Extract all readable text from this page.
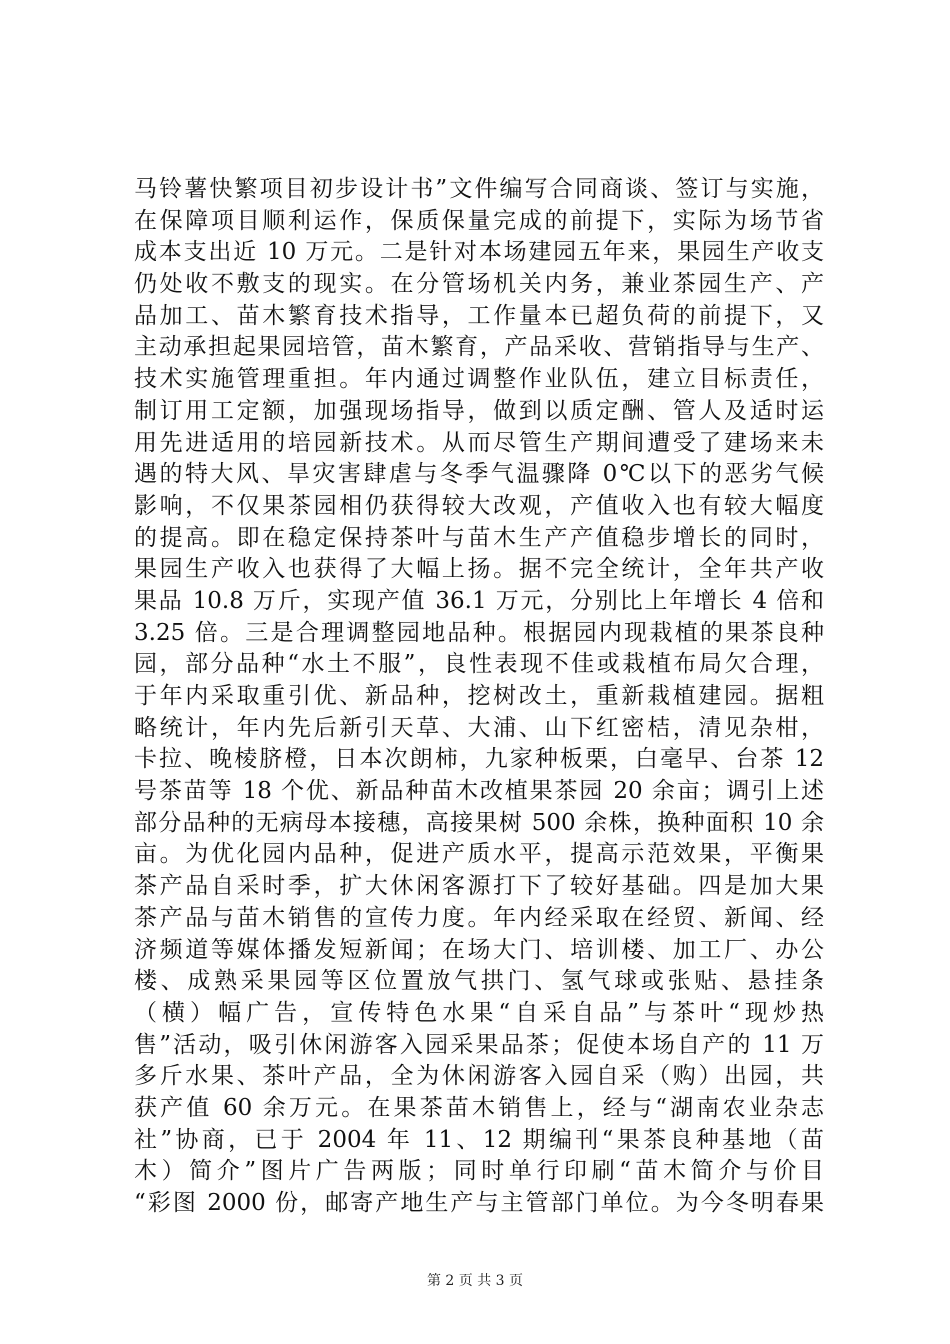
马铃薯快繁项目初步设计书”文件编写合同商谈、签订与实施，
在保障项目顺利运作，保质保量完成的前提下，实际为场节省
成本支出近 10 万元。二是针对本场建园五年来，果园生产收支
仍处收不敷支的现实。在分管场机关内务，兼业茶园生产、产
品加工、苗木繁育技术指导，工作量本已超负荷的前提下，又
主动承担起果园培管，苗木繁育，产品采收、营销指导与生产、
技术实施管理重担。年内通过调整作业队伍，建立目标责任，
制订用工定额，加强现场指导，做到以质定酬、管人及适时运
用先进适用的培园新技术。从而尽管生产期间遭受了建场来未
遇的特大风、旱灾害肆虐与冬季气温骤降 0℃以下的恶劣气候
影响，不仅果茶园相仍获得较大改观，产值收入也有较大幅度
的提高。即在稳定保持茶叶与苗木生产产值稳步增长的同时，
果园生产收入也获得了大幅上扬。据不完全统计，全年共产收
果品 10.8 万斤，实现产值 36.1 万元，分别比上年增长 4 倍和
3.25 倍。三是合理调整园地品种。根据园内现栽植的果茶良种
园，部分品种“水土不服”，良性表现不佳或栽植布局欠合理，
于年内采取重引优、新品种，挖树改土，重新栽植建园。据粗
略统计，年内先后新引天草、大浦、山下红密桔，清见杂柑，
卡拉、晚棱脐橙，日本次朗柿，九家种板栗，白毫早、台茶 12
号茶苗等 18 个优、新品种苗木改植果茶园 20 余亩；调引上述
部分品种的无病母本接穗，高接果树 500 余株，换种面积 10 余
亩。为优化园内品种，促进产质水平，提高示范效果，平衡果
茶产品自采时季，扩大休闲客源打下了较好基础。四是加大果
茶产品与苗木销售的宣传力度。年内经采取在经贸、新闻、经
济频道等媒体播发短新闻；在场大门、培训楼、加工厂、办公
楼、成熟采果园等区位置放气拱门、氢气球或张贴、悬挂条
（横）幅广告，宣传特色水果“自采自品”与茶叶“现炒热
售”活动，吸引休闲游客入园采果品茶；促使本场自产的 11 万
多斤水果、茶叶产品，全为休闲游客入园自采（购）出园，共
获产值 60 余万元。在果茶苗木销售上，经与“湖南农业杂志
社”协商，已于 2004 年 11、12 期编刊“果茶良种基地（苗
木）简介”图片广告两版；同时单行印刷“苗木简介与价目
“彩图 2000 份，邮寄产地生产与主管部门单位。为今冬明春果
第 2 页 共 3 页
